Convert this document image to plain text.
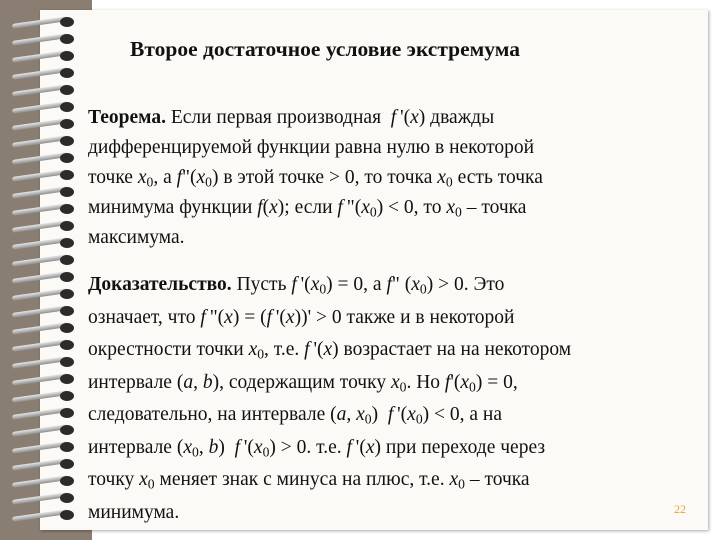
Второе достаточное условие экстремума
Теорема. Если первая производная f '(x) дважды
дифференцируемой функции равна нулю в некоторой
точке $x_0$, а $f"(x_0)$ в этой точке > 0, то точка $x_0$ есть точка
минимума функции f(x); если f "$(x_0) < 0$, то $x_0$ – точка
максимума.
Доказательство. Пусть f '$(x_0) = 0$, а f" $(x_0) > 0$. Это
означает, что f "(x) = (f '(x))' > 0 также и в некоторой
окрестности точки $x_0$, т.е. f '(x) возрастает на на некотором
интервале (a, b), содержащим точку $x_0$. Но $f'(x_0) = 0$,
следовательно, на интервале (a, $x_0$)  f '$(x_0) < 0$, а на
интервале ($x_0$, b)  f '$(x_0) > 0$. т.е. f '(x) при переходе через
точку $x_0$ меняет знак с минуса на плюс, т.е. $x_0$ – точка
минимума.	22
